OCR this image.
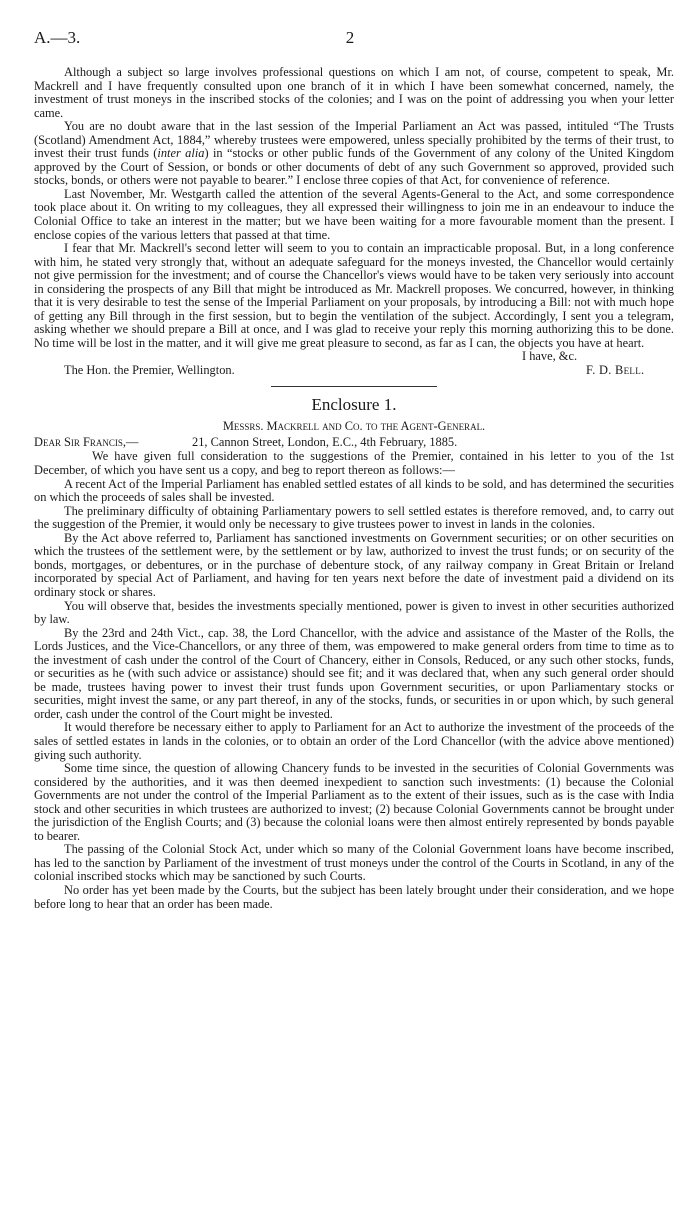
A.—3.	2

Although a subject so large involves professional questions on which I am not, of course, competent to speak, Mr. Mackrell and I have frequently consulted upon one branch of it in which I have been somewhat concerned, namely, the investment of trust moneys in the inscribed stocks of the colonies; and I was on the point of addressing you when your letter came.

You are no doubt aware that in the last session of the Imperial Parliament an Act was passed, intituled “The Trusts (Scotland) Amendment Act, 1884,” whereby trustees were empowered, unless specially prohibited by the terms of their trust, to invest their trust funds (inter alia) in “stocks or other public funds of the Government of any colony of the United Kingdom approved by the Court of Session, or bonds or other documents of debt of any such Government so approved, provided such stocks, bonds, or others were not payable to bearer.” I enclose three copies of that Act, for convenience of reference.

Last November, Mr. Westgarth called the attention of the several Agents-General to the Act, and some correspondence took place about it. On writing to my colleagues, they all expressed their willingness to join me in an endeavour to induce the Colonial Office to take an interest in the matter; but we have been waiting for a more favourable moment than the present. I enclose copies of the various letters that passed at that time.

I fear that Mr. Mackrell's second letter will seem to you to contain an impracticable proposal. But, in a long conference with him, he stated very strongly that, without an adequate safeguard for the moneys invested, the Chancellor would certainly not give permission for the investment; and of course the Chancellor's views would have to be taken very seriously into account in considering the prospects of any Bill that might be introduced as Mr. Mackrell proposes. We concurred, however, in thinking that it is very desirable to test the sense of the Imperial Parliament on your proposals, by introducing a Bill: not with much hope of getting any Bill through in the first session, but to begin the ventilation of the subject. Accordingly, I sent you a telegram, asking whether we should prepare a Bill at once, and I was glad to receive your reply this morning authorizing this to be done. No time will be lost in the matter, and it will give me great pleasure to second, as far as I can, the objects you have at heart.

I have, &c.
The Hon. the Premier, Wellington.	F. D. Bell.
Enclosure 1.
Messrs. Mackrell and Co. to the Agent-General.
Dear Sir Francis,—	21, Cannon Street, London, E.C., 4th February, 1885.

We have given full consideration to the suggestions of the Premier, contained in his letter to you of the 1st December, of which you have sent us a copy, and beg to report thereon as follows:—

A recent Act of the Imperial Parliament has enabled settled estates of all kinds to be sold, and has determined the securities on which the proceeds of sales shall be invested.

The preliminary difficulty of obtaining Parliamentary powers to sell settled estates is therefore removed, and, to carry out the suggestion of the Premier, it would only be necessary to give trustees power to invest in lands in the colonies.

By the Act above referred to, Parliament has sanctioned investments on Government securities; or on other securities on which the trustees of the settlement were, by the settlement or by law, authorized to invest the trust funds; or on security of the bonds, mortgages, or debentures, or in the purchase of debenture stock, of any railway company in Great Britain or Ireland incorporated by special Act of Parliament, and having for ten years next before the date of investment paid a dividend on its ordinary stock or shares.

You will observe that, besides the investments specially mentioned, power is given to invest in other securities authorized by law.

By the 23rd and 24th Vict., cap. 38, the Lord Chancellor, with the advice and assistance of the Master of the Rolls, the Lords Justices, and the Vice-Chancellors, or any three of them, was empowered to make general orders from time to time as to the investment of cash under the control of the Court of Chancery, either in Consols, Reduced, or any such other stocks, funds, or securities as he (with such advice or assistance) should see fit; and it was declared that, when any such general order should be made, trustees having power to invest their trust funds upon Government securities, or upon Parliamentary stocks or securities, might invest the same, or any part thereof, in any of the stocks, funds, or securities in or upon which, by such general order, cash under the control of the Court might be invested.

It would therefore be necessary either to apply to Parliament for an Act to authorize the investment of the proceeds of the sales of settled estates in lands in the colonies, or to obtain an order of the Lord Chancellor (with the advice above mentioned) giving such authority.

Some time since, the question of allowing Chancery funds to be invested in the securities of Colonial Governments was considered by the authorities, and it was then deemed inexpedient to sanction such investments: (1) because the Colonial Governments are not under the control of the Imperial Parliament as to the extent of their issues, such as is the case with India stock and other securities in which trustees are authorized to invest; (2) because Colonial Governments cannot be brought under the jurisdiction of the English Courts; and (3) because the colonial loans were then almost entirely represented by bonds payable to bearer.

The passing of the Colonial Stock Act, under which so many of the Colonial Government loans have become inscribed, has led to the sanction by Parliament of the investment of trust moneys under the control of the Courts in Scotland, in any of the colonial inscribed stocks which may be sanctioned by such Courts.

No order has yet been made by the Courts, but the subject has been lately brought under their consideration, and we hope before long to hear that an order has been made.
